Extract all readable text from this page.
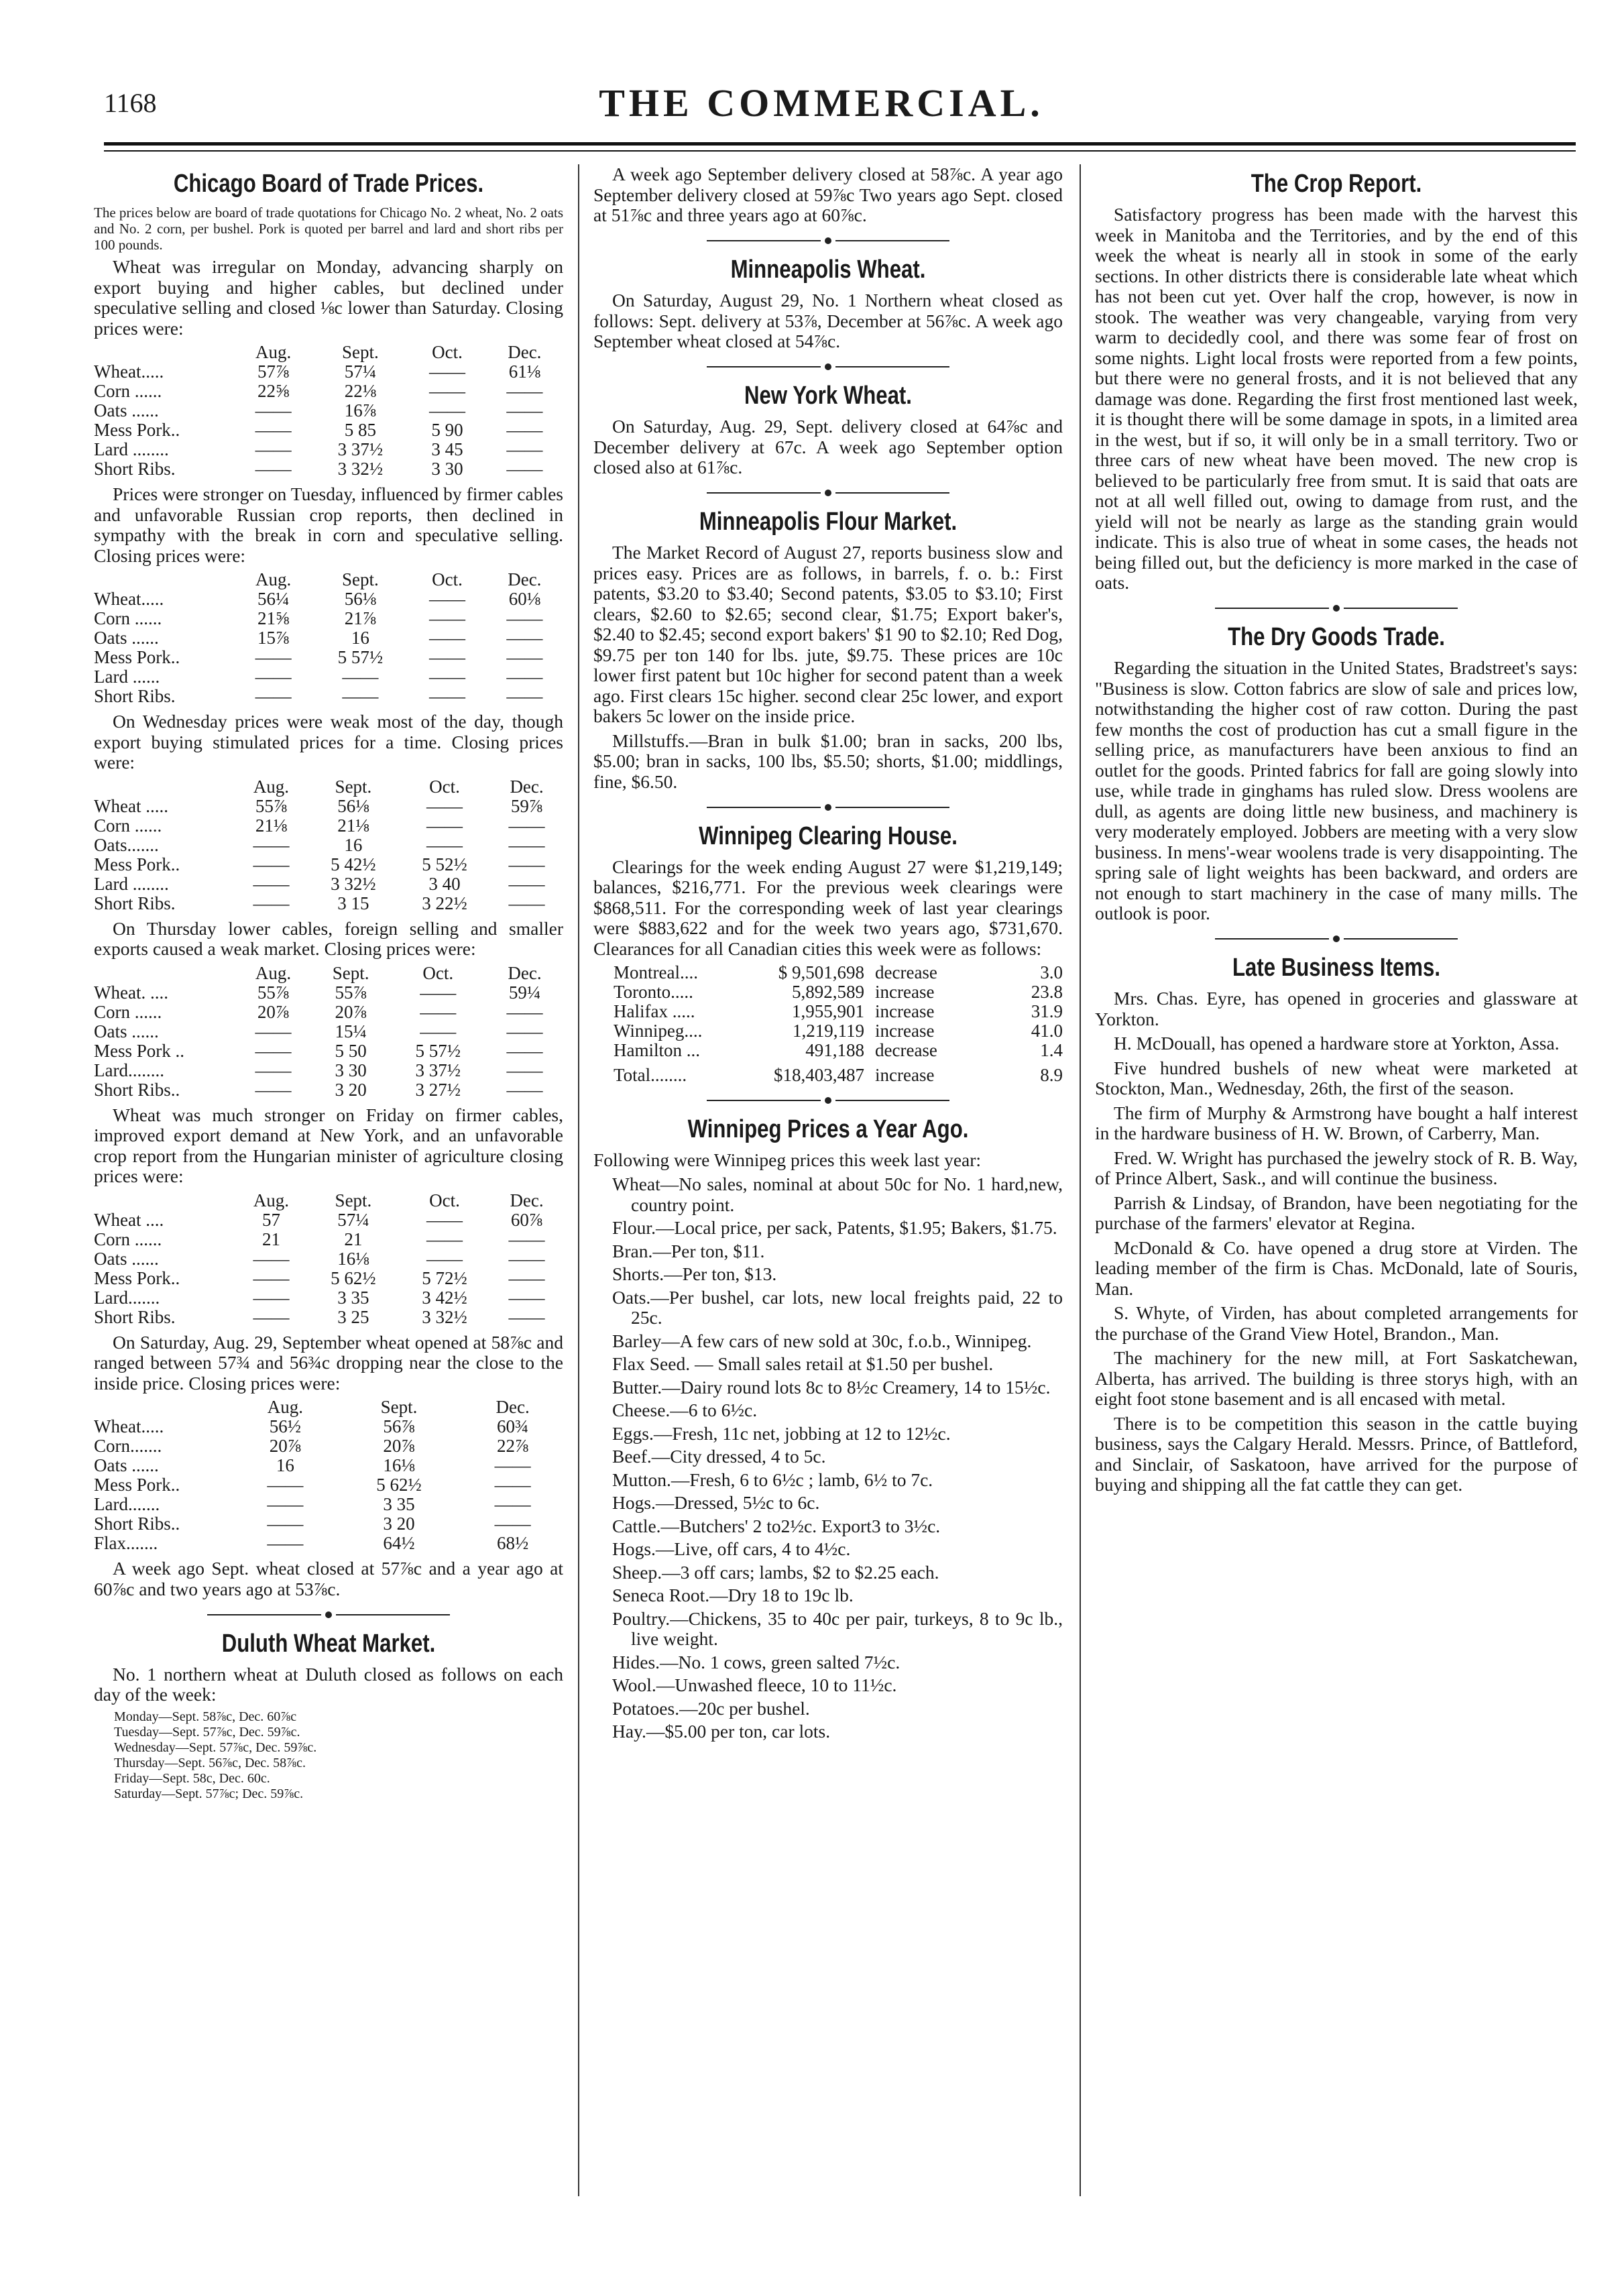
1168	THE COMMERCIAL.
Chicago Board of Trade Prices.

The prices below are board of trade quotations for Chicago No. 2 wheat, No. 2 oats and No. 2 corn, per bushel. Pork is quoted per barrel and lard and short ribs per 100 pounds.

Wheat was irregular on Monday, advancing sharply on export buying and higher cables, but declined under speculative selling and closed ⅛c lower than Saturday. Closing prices were:

	Aug.	Sept.	Oct.	Dec.
Wheat.....	57⅞	57¼	——	61⅛
Corn ......	22⅝	22⅛	——	——
Oats ......	——	16⅞	——	——
Mess Pork..	——	5 85	5 90	——
Lard ........	——	3 37½	3 45	——
Short Ribs.	——	3 32½	3 30	——

Prices were stronger on Tuesday, influenced by firmer cables and unfavorable Russian crop reports, then declined in sympathy with the break in corn and speculative selling. Closing prices were:

	Aug.	Sept.	Oct.	Dec.
Wheat.....	56¼	56⅛	——	60⅛
Corn ......	21⅝	21⅞	——	——
Oats ......	15⅞	16	——	——
Mess Pork..	——	5 57½	——	——
Lard ......	——	——	——	——
Short Ribs.	——	——	——	——

On Wednesday prices were weak most of the day, though export buying stimulated prices for a time. Closing prices were:

	Aug.	Sept.	Oct.	Dec.
Wheat .....	55⅞	56⅛	——	59⅞
Corn ......	21⅛	21⅛	——	——
Oats.......	——	16	——	——
Mess Pork..	——	5 42½	5 52½	——
Lard ........	——	3 32½	3 40	——
Short Ribs.	——	3 15	3 22½	——

On Thursday lower cables, foreign selling and smaller exports caused a weak market. Closing prices were:

	Aug.	Sept.	Oct.	Dec.
Wheat. ....	55⅞	55⅞	——	59¼
Corn ......	20⅞	20⅞	——	——
Oats ......	——	15¼	——	——
Mess Pork ..	——	5 50	5 57½	——
Lard........	——	3 30	3 37½	——
Short Ribs..	——	3 20	3 27½	——

Wheat was much stronger on Friday on firmer cables, improved export demand at New York, and an unfavorable crop report from the Hungarian minister of agriculture closing prices were:

	Aug.	Sept.	Oct.	Dec.
Wheat ....	57	57¼	——	60⅞
Corn ......	21	21	——	——
Oats ......	——	16⅛	——	——
Mess Pork..	——	5 62½	5 72½	——
Lard.......	——	3 35	3 42½	——
Short Ribs.	——	3 25	3 32½	——

On Saturday, Aug. 29, September wheat opened at 58⅞c and ranged between 57¾ and 56¾c dropping near the close to the inside price. Closing prices were:

	Aug.	Sept.	Dec.
Wheat.....	56½	56⅞	60¾
Corn.......	20⅞	20⅞	22⅞
Oats ......	16	16⅛	——
Mess Pork..	——	5 62½	——
Lard.......	——	3 35	——
Short Ribs..	——	3 20	——
Flax.......	——	64½	68½

A week ago Sept. wheat closed at 57⅞c and a year ago at 60⅞c and two years ago at 53⅞c.

Duluth Wheat Market.

No. 1 northern wheat at Duluth closed as follows on each day of the week:

Monday—Sept. 58⅞c, Dec. 60⅞c
Tuesday—Sept. 57⅞c, Dec. 59⅞c.
Wednesday—Sept. 57⅞c, Dec. 59⅞c.
Thursday—Sept. 56⅞c, Dec. 58⅞c.
Friday—Sept. 58c, Dec. 60c.
Saturday—Sept. 57⅞c; Dec. 59⅞c.

A week ago September delivery closed at 58⅞c. A year ago September delivery closed at 59⅞c Two years ago Sept. closed at 51⅞c and three years ago at 60⅞c.

Minneapolis Wheat.

On Saturday, August 29, No. 1 Northern wheat closed as follows: Sept. delivery at 53⅞, December at 56⅞c. A week ago September wheat closed at 54⅞c.

New York Wheat.

On Saturday, Aug. 29, Sept. delivery closed at 64⅞c and December delivery at 67c. A week ago September option closed also at 61⅞c.

Minneapolis Flour Market.

The Market Record of August 27, reports business slow and prices easy. Prices are as follows, in barrels, f. o. b.: First patents, $3.20 to $3.40; Second patents, $3.05 to $3.10; First clears, $2.60 to $2.65; second clear, $1.75; Export baker's, $2.40 to $2.45; second export bakers' $1 90 to $2.10; Red Dog, $9.75 per ton 140 for lbs. jute, $9.75. These prices are 10c lower first patent but 10c higher for second patent than a week ago. First clears 15c higher. second clear 25c lower, and export bakers 5c lower on the inside price.

Millstuffs.—Bran in bulk $1.00; bran in sacks, 200 lbs, $5.00; bran in sacks, 100 lbs, $5.50; shorts, $1.00; middlings, fine, $6.50.

Winnipeg Clearing House.

Clearings for the week ending August 27 were $1,219,149; balances, $216,771. For the previous week clearings were $868,511. For the corresponding week of last year clearings were $883,622 and for the week two years ago, $731,670. Clearances for all Canadian cities this week were as follows:

Montreal....	$ 9,501,698	decrease	3.0
Toronto.....	5,892,589	increase	23.8
Halifax .....	1,955,901	increase	31.9
Winnipeg....	1,219,119	increase	41.0
Hamilton ...	491,188	decrease	1.4
Total........	$18,403,487	increase	8.9
Winnipeg Prices a Year Ago.

Following were Winnipeg prices this week last year:

Wheat—No sales, nominal at about 50c for No. 1 hard,new, country point.

Flour.—Local price, per sack, Patents, $1.95; Bakers, $1.75.

Bran.—Per ton, $11.

Shorts.—Per ton, $13.

Oats.—Per bushel, car lots, new local freights paid, 22 to 25c.

Barley—A few cars of new sold at 30c, f.o.b., Winnipeg.

Flax Seed. — Small sales retail at $1.50 per bushel.

Butter.—Dairy round lots 8c to 8½c Creamery, 14 to 15½c.

Cheese.—6 to 6½c.

Eggs.—Fresh, 11c net, jobbing at 12 to 12½c.

Beef.—City dressed, 4 to 5c.

Mutton.—Fresh, 6 to 6½c ; lamb, 6½ to 7c.

Hogs.—Dressed, 5½c to 6c.

Cattle.—Butchers' 2 to2½c. Export3 to 3½c.

Hogs.—Live, off cars, 4 to 4½c.

Sheep.—3 off cars; lambs, $2 to $2.25 each.

Seneca Root.—Dry 18 to 19c lb.

Poultry.—Chickens, 35 to 40c per pair, turkeys, 8 to 9c lb., live weight.

Hides.—No. 1 cows, green salted 7½c.

Wool.—Unwashed fleece, 10 to 11½c.

Potatoes.—20c per bushel.

Hay.—$5.00 per ton, car lots.

The Crop Report.

Satisfactory progress has been made with the harvest this week in Manitoba and the Territories, and by the end of this week the wheat is nearly all in stook in some of the early sections. In other districts there is considerable late wheat which has not been cut yet. Over half the crop, however, is now in stook. The weather was very changeable, varying from very warm to decidedly cool, and there was some fear of frost on some nights. Light local frosts were reported from a few points, but there were no general frosts, and it is not believed that any damage was done. Regarding the first frost mentioned last week, it is thought there will be some damage in spots, in a limited area in the west, but if so, it will only be in a small territory. Two or three cars of new wheat have been moved. The new crop is believed to be particularly free from smut. It is said that oats are not at all well filled out, owing to damage from rust, and the yield will not be nearly as large as the standing grain would indicate. This is also true of wheat in some cases, the heads not being filled out, but the deficiency is more marked in the case of oats.

The Dry Goods Trade.

Regarding the situation in the United States, Bradstreet's says: "Business is slow. Cotton fabrics are slow of sale and prices low, notwithstanding the higher cost of raw cotton. During the past few months the cost of production has cut a small figure in the selling price, as manufacturers have been anxious to find an outlet for the goods. Printed fabrics for fall are going slowly into use, while trade in ginghams has ruled slow. Dress woolens are dull, as agents are doing little new business, and machinery is very moderately employed. Jobbers are meeting with a very slow business. In mens'-wear woolens trade is very disappointing. The spring sale of light weights has been backward, and orders are not enough to start machinery in the case of many mills. The outlook is poor.

Late Business Items.

Mrs. Chas. Eyre, has opened in groceries and glassware at Yorkton.

H. McDouall, has opened a hardware store at Yorkton, Assa.

Five hundred bushels of new wheat were marketed at Stockton, Man., Wednesday, 26th, the first of the season.

The firm of Murphy & Armstrong have bought a half interest in the hardware business of H. W. Brown, of Carberry, Man.

Fred. W. Wright has purchased the jewelry stock of R. B. Way, of Prince Albert, Sask., and will continue the business.

Parrish & Lindsay, of Brandon, have been negotiating for the purchase of the farmers' elevator at Regina.

McDonald & Co. have opened a drug store at Virden. The leading member of the firm is Chas. McDonald, late of Souris, Man.

S. Whyte, of Virden, has about completed arrangements for the purchase of the Grand View Hotel, Brandon., Man.

The machinery for the new mill, at Fort Saskatchewan, Alberta, has arrived. The building is three storys high, with an eight foot stone basement and is all encased with metal.

There is to be competition this season in the cattle buying business, says the Calgary Herald. Messrs. Prince, of Battleford, and Sinclair, of Saskatoon, have arrived for the purpose of buying and shipping all the fat cattle they can get.
